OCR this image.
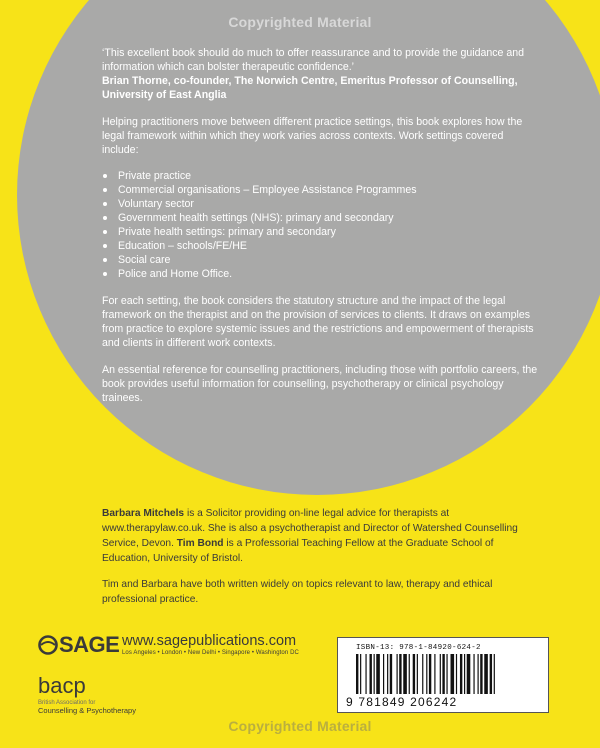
Copyrighted Material

‘This excellent book should do much to offer reassurance and to provide the guidance and information which can bolster therapeutic confidence.’

Brian Thorne, co-founder, The Norwich Centre, Emeritus Professor of Counselling, University of East Anglia

Helping practitioners move between different practice settings, this book explores how the legal framework within which they work varies across contexts. Work settings covered include:

Private practice
Commercial organisations – Employee Assistance Programmes
Voluntary sector
Government health settings (NHS): primary and secondary
Private health settings: primary and secondary
Education – schools/FE/HE
Social care
Police and Home Office.

For each setting, the book considers the statutory structure and the impact of the legal framework on the therapist and on the provision of services to clients. It draws on examples from practice to explore systemic issues and the restrictions and empowerment of therapists and clients in different work contexts.

An essential reference for counselling practitioners, including those with portfolio careers, the book provides useful information for counselling, psychotherapy or clinical psychology trainees.

Barbara Mitchels is a Solicitor providing on-line legal advice for therapists at www.therapylaw.co.uk. She is also a psychotherapist and Director of Watershed Counselling Service, Devon. Tim Bond is a Professorial Teaching Fellow at the Graduate School of Education, University of Bristol.

Tim and Barbara have both written widely on topics relevant to law, therapy and ethical professional practice.

SAGE www.sagepublications.com
Los Angeles • London • New Delhi • Singapore • Washington DC
bacp
British Association for
Counselling & Psychotherapy
ISBN-13: 978-1-84920-624-2
9 781849 206242
Copyrighted Material
